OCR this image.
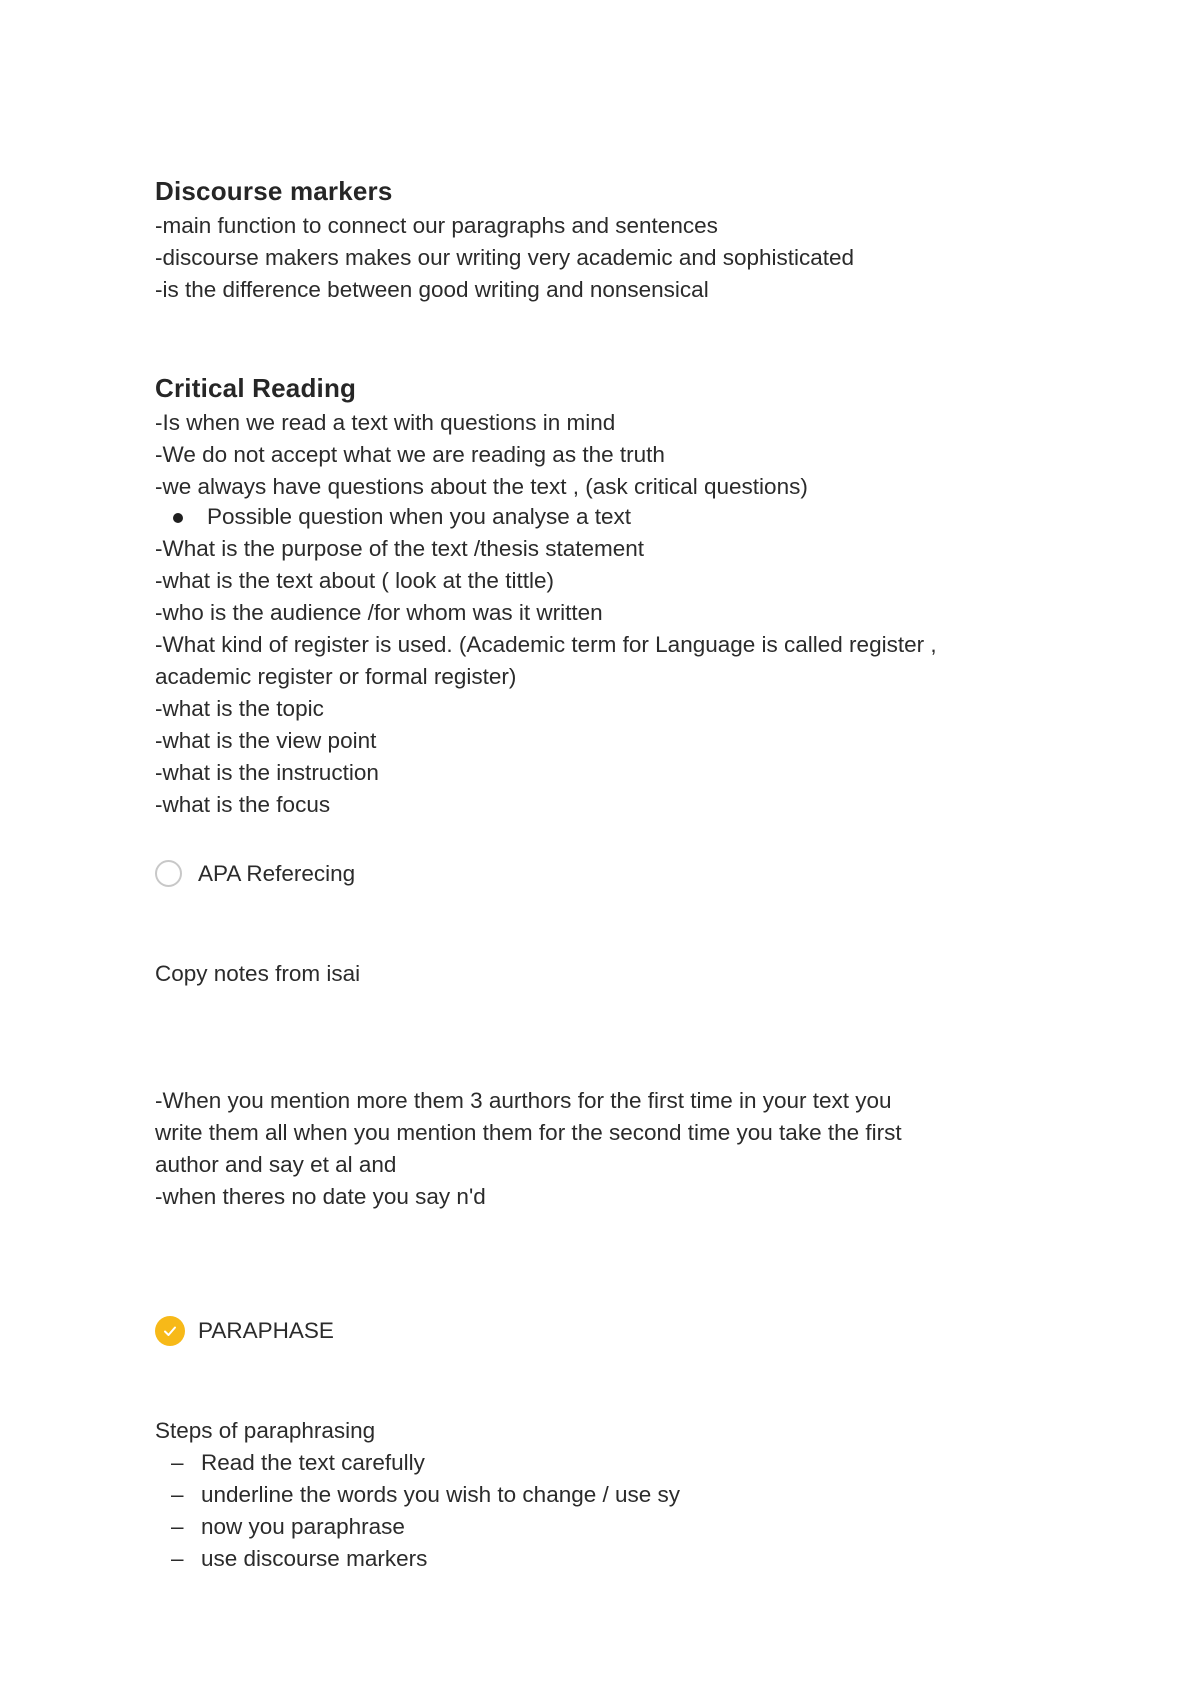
Discourse markers
-main function to connect our paragraphs and sentences
-discourse makers makes our writing very academic and sophisticated
-is the difference between good writing and nonsensical
Critical Reading
-Is when we read a text with questions in mind
-We do not accept what we are reading as the truth
-we always have questions about the text , (ask critical questions)
Possible question when you analyse a text
-What is the purpose of the text /thesis statement
-what is the text about ( look at the tittle)
-who is the audience /for whom was it written
-What kind of register is used. (Academic term for Language is called register ,
academic register or formal register)
-what is the topic
-what is the view point
-what is the instruction
-what is the focus
APA Referecing
Copy notes from isai
-When you mention more them 3 aurthors for the first time in your text you
write them all when you mention them for the second time you take the first
author and say et al and
-when theres no date you say n'd
PARAPHASE
Steps of paraphrasing
– Read the text carefully
– underline the words you wish to change / use sy
– now you paraphrase
– use discourse markers
